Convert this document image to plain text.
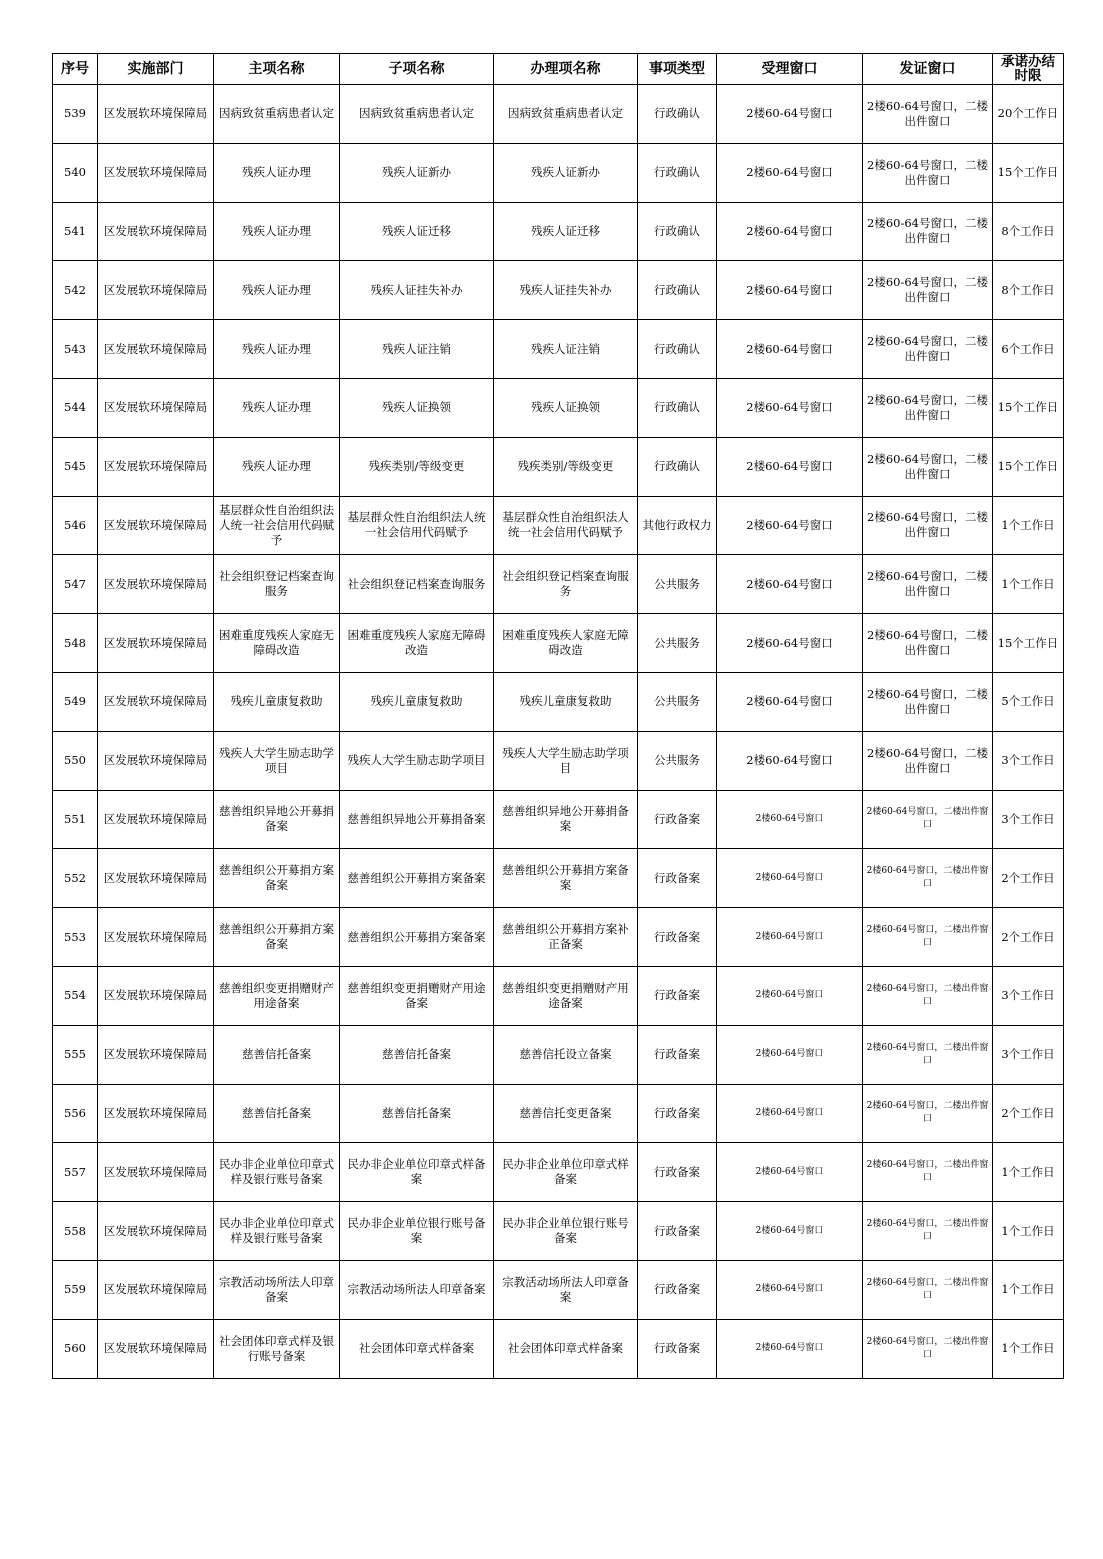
序号	实施部门	主项名称	子项名称	办理项名称	事项类型	受理窗口	发证窗口	承诺办结时限
539	区发展软环境保障局	因病致贫重病患者认定	因病致贫重病患者认定	因病致贫重病患者认定	行政确认	2楼60-64号窗口	2楼60-64号窗口，二楼出件窗口	20个工作日
540	区发展软环境保障局	残疾人证办理	残疾人证新办	残疾人证新办	行政确认	2楼60-64号窗口	2楼60-64号窗口，二楼出件窗口	15个工作日
541	区发展软环境保障局	残疾人证办理	残疾人证迁移	残疾人证迁移	行政确认	2楼60-64号窗口	2楼60-64号窗口，二楼出件窗口	8个工作日
542	区发展软环境保障局	残疾人证办理	残疾人证挂失补办	残疾人证挂失补办	行政确认	2楼60-64号窗口	2楼60-64号窗口，二楼出件窗口	8个工作日
543	区发展软环境保障局	残疾人证办理	残疾人证注销	残疾人证注销	行政确认	2楼60-64号窗口	2楼60-64号窗口，二楼出件窗口	6个工作日
544	区发展软环境保障局	残疾人证办理	残疾人证换领	残疾人证换领	行政确认	2楼60-64号窗口	2楼60-64号窗口，二楼出件窗口	15个工作日
545	区发展软环境保障局	残疾人证办理	残疾类别/等级变更	残疾类别/等级变更	行政确认	2楼60-64号窗口	2楼60-64号窗口，二楼出件窗口	15个工作日
546	区发展软环境保障局	基层群众性自治组织法人统一社会信用代码赋予	基层群众性自治组织法人统一社会信用代码赋予	基层群众性自治组织法人统一社会信用代码赋予	其他行政权力	2楼60-64号窗口	2楼60-64号窗口，二楼出件窗口	1个工作日
547	区发展软环境保障局	社会组织登记档案查询服务	社会组织登记档案查询服务	社会组织登记档案查询服务	公共服务	2楼60-64号窗口	2楼60-64号窗口，二楼出件窗口	1个工作日
548	区发展软环境保障局	困难重度残疾人家庭无障碍改造	困难重度残疾人家庭无障碍改造	困难重度残疾人家庭无障碍改造	公共服务	2楼60-64号窗口	2楼60-64号窗口，二楼出件窗口	15个工作日
549	区发展软环境保障局	残疾儿童康复救助	残疾儿童康复救助	残疾儿童康复救助	公共服务	2楼60-64号窗口	2楼60-64号窗口，二楼出件窗口	5个工作日
550	区发展软环境保障局	残疾人大学生励志助学项目	残疾人大学生励志助学项目	残疾人大学生励志助学项目	公共服务	2楼60-64号窗口	2楼60-64号窗口，二楼出件窗口	3个工作日
551	区发展软环境保障局	慈善组织异地公开募捐备案	慈善组织异地公开募捐备案	慈善组织异地公开募捐备案	行政备案	2楼60-64号窗口	2楼60-64号窗口，二楼出件窗口	3个工作日
552	区发展软环境保障局	慈善组织公开募捐方案备案	慈善组织公开募捐方案备案	慈善组织公开募捐方案备案	行政备案	2楼60-64号窗口	2楼60-64号窗口，二楼出件窗口	2个工作日
553	区发展软环境保障局	慈善组织公开募捐方案备案	慈善组织公开募捐方案备案	慈善组织公开募捐方案补正备案	行政备案	2楼60-64号窗口	2楼60-64号窗口，二楼出件窗口	2个工作日
554	区发展软环境保障局	慈善组织变更捐赠财产用途备案	慈善组织变更捐赠财产用途备案	慈善组织变更捐赠财产用途备案	行政备案	2楼60-64号窗口	2楼60-64号窗口，二楼出件窗口	3个工作日
555	区发展软环境保障局	慈善信托备案	慈善信托备案	慈善信托设立备案	行政备案	2楼60-64号窗口	2楼60-64号窗口，二楼出件窗口	3个工作日
556	区发展软环境保障局	慈善信托备案	慈善信托备案	慈善信托变更备案	行政备案	2楼60-64号窗口	2楼60-64号窗口，二楼出件窗口	2个工作日
557	区发展软环境保障局	民办非企业单位印章式样及银行账号备案	民办非企业单位印章式样备案	民办非企业单位印章式样备案	行政备案	2楼60-64号窗口	2楼60-64号窗口，二楼出件窗口	1个工作日
558	区发展软环境保障局	民办非企业单位印章式样及银行账号备案	民办非企业单位银行账号备案	民办非企业单位银行账号备案	行政备案	2楼60-64号窗口	2楼60-64号窗口，二楼出件窗口	1个工作日
559	区发展软环境保障局	宗教活动场所法人印章备案	宗教活动场所法人印章备案	宗教活动场所法人印章备案	行政备案	2楼60-64号窗口	2楼60-64号窗口，二楼出件窗口	1个工作日
560	区发展软环境保障局	社会团体印章式样及银行账号备案	社会团体印章式样备案	社会团体印章式样备案	行政备案	2楼60-64号窗口	2楼60-64号窗口，二楼出件窗口	1个工作日
